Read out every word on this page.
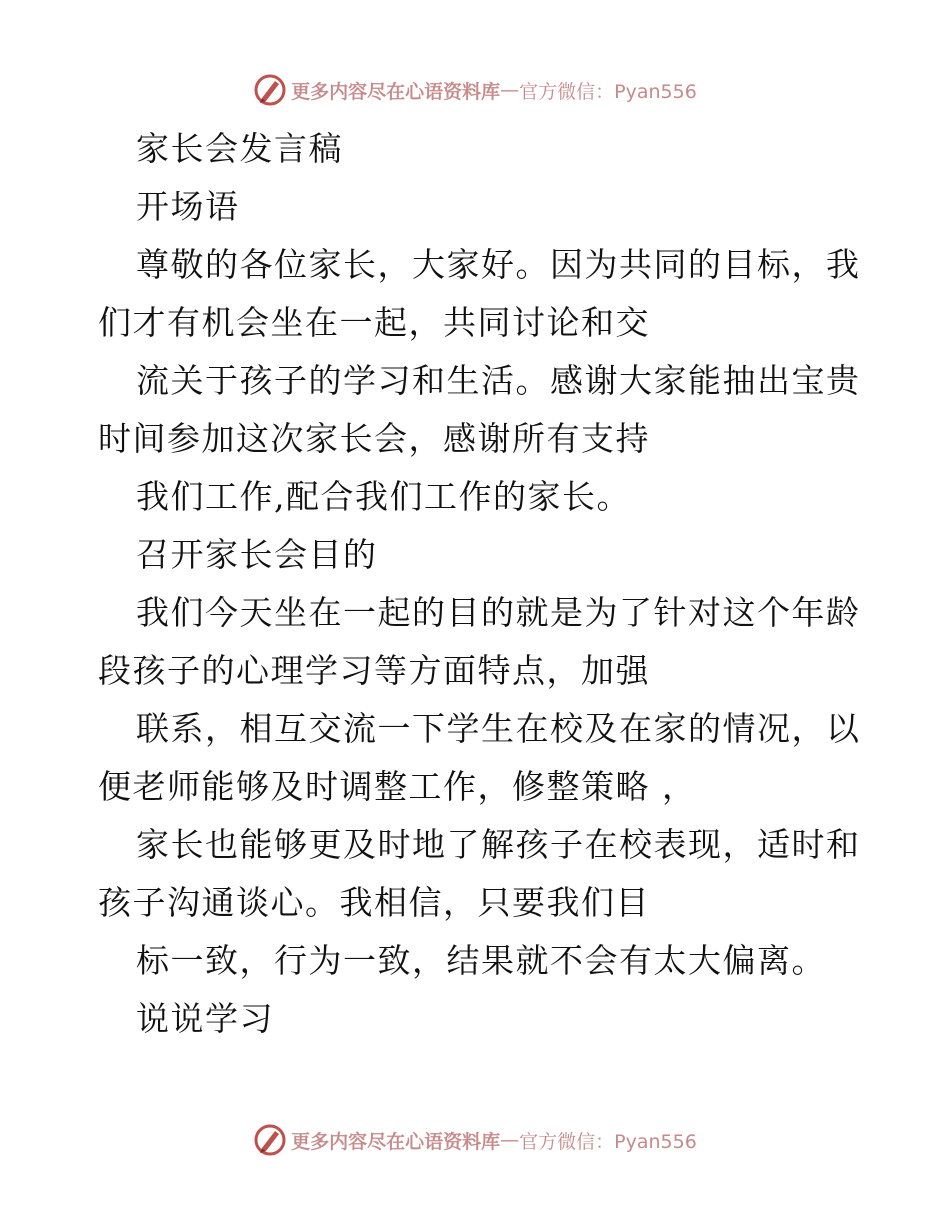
更多内容尽在心语资料库 — 官方微信：Pyan556
家长会发言稿
开场语
尊敬的各位家长，大家好。因为共同的目标，我
们才有机会坐在一起，共同讨论和交
流关于孩子的学习和生活。感谢大家能抽出宝贵
时间参加这次家长会，感谢所有支持
我们工作,配合我们工作的家长。
召开家长会目的
我们今天坐在一起的目的就是为了针对这个年龄
段孩子的心理学习等方面特点，加强
联系，相互交流一下学生在校及在家的情况，以
便老师能够及时调整工作，修整策略 ，
家长也能够更及时地了解孩子在校表现，适时和
孩子沟通谈心。我相信，只要我们目
标一致，行为一致，结果就不会有太大偏离。
说说学习
更多内容尽在心语资料库 — 官方微信：Pyan556
